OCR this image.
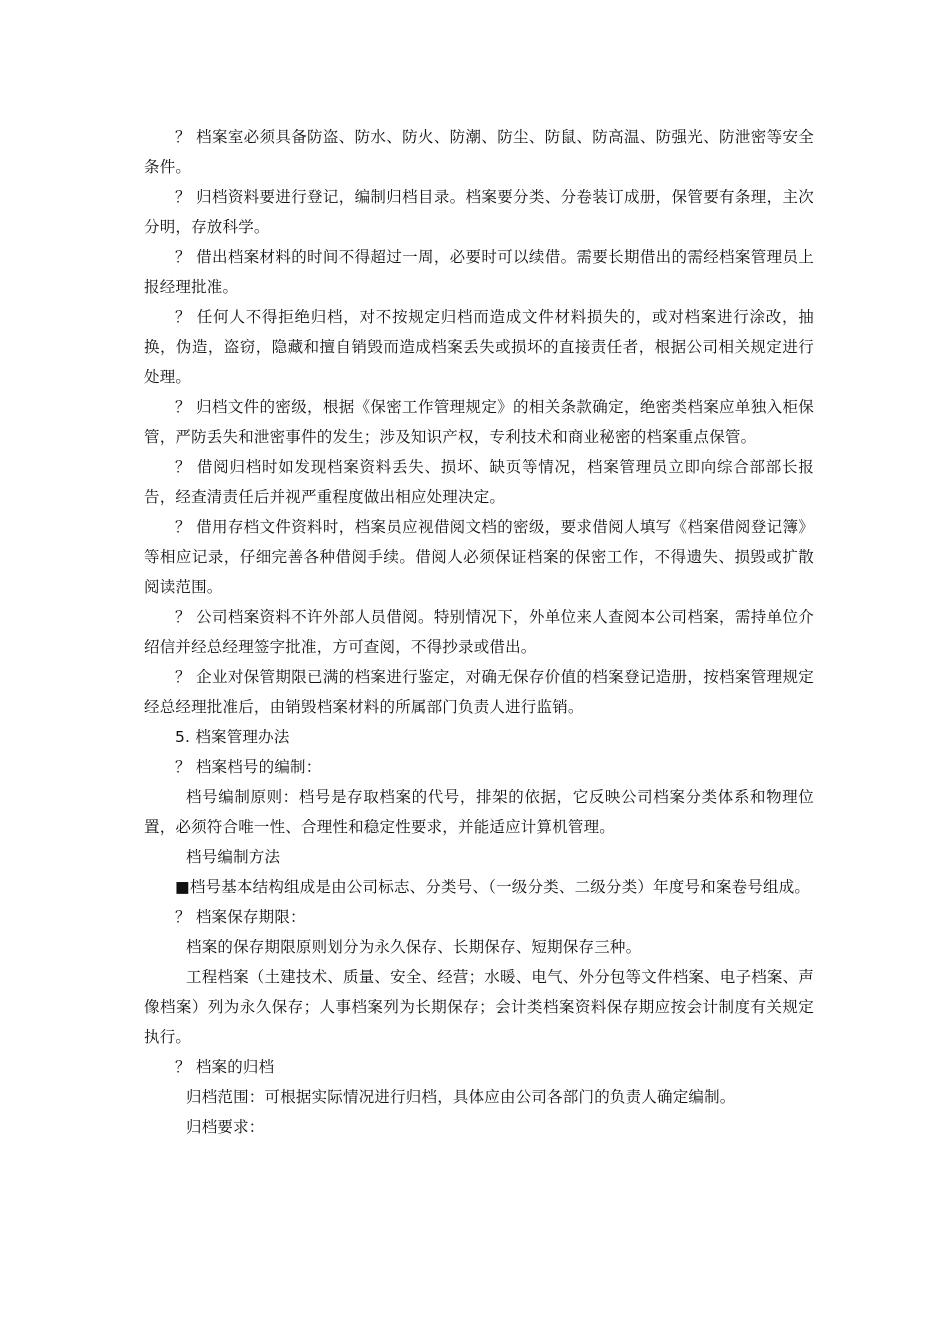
？ 档案室必须具备防盗、防水、防火、防潮、防尘、防鼠、防高温、防强光、防泄密等安全条件。

？ 归档资料要进行登记，编制归档目录。档案要分类、分卷装订成册，保管要有条理，主次分明，存放科学。

？ 借出档案材料的时间不得超过一周，必要时可以续借。需要长期借出的需经档案管理员上报经理批准。

？ 任何人不得拒绝归档，对不按规定归档而造成文件材料损失的，或对档案进行涂改，抽换，伪造，盗窃，隐藏和擅自销毁而造成档案丢失或损坏的直接责任者，根据公司相关规定进行处理。

？ 归档文件的密级，根据《保密工作管理规定》的相关条款确定，绝密类档案应单独入柜保管，严防丢失和泄密事件的发生；涉及知识产权，专利技术和商业秘密的档案重点保管。

？ 借阅归档时如发现档案资料丢失、损坏、缺页等情况，档案管理员立即向综合部部长报告，经查清责任后并视严重程度做出相应处理决定。

？ 借用存档文件资料时，档案员应视借阅文档的密级，要求借阅人填写《档案借阅登记簿》等相应记录，仔细完善各种借阅手续。借阅人必须保证档案的保密工作，不得遗失、损毁或扩散阅读范围。

？ 公司档案资料不许外部人员借阅。特别情况下，外单位来人查阅本公司档案，需持单位介绍信并经总经理签字批准，方可查阅，不得抄录或借出。

？ 企业对保管期限已满的档案进行鉴定，对确无保存价值的档案登记造册，按档案管理规定经总经理批准后，由销毁档案材料的所属部门负责人进行监销。

5. 档案管理办法

？ 档案档号的编制：

档号编制原则：档号是存取档案的代号，排架的依据，它反映公司档案分类体系和物理位置，必须符合唯一性、合理性和稳定性要求，并能适应计算机管理。

档号编制方法

■档号基本结构组成是由公司标志、分类号、（一级分类、二级分类）年度号和案卷号组成。

？ 档案保存期限：

档案的保存期限原则划分为永久保存、长期保存、短期保存三种。

工程档案（土建技术、质量、安全、经营；水暖、电气、外分包等文件档案、电子档案、声像档案）列为永久保存；人事档案列为长期保存；会计类档案资料保存期应按会计制度有关规定执行。

？ 档案的归档

归档范围：可根据实际情况进行归档，具体应由公司各部门的负责人确定编制。

归档要求：
